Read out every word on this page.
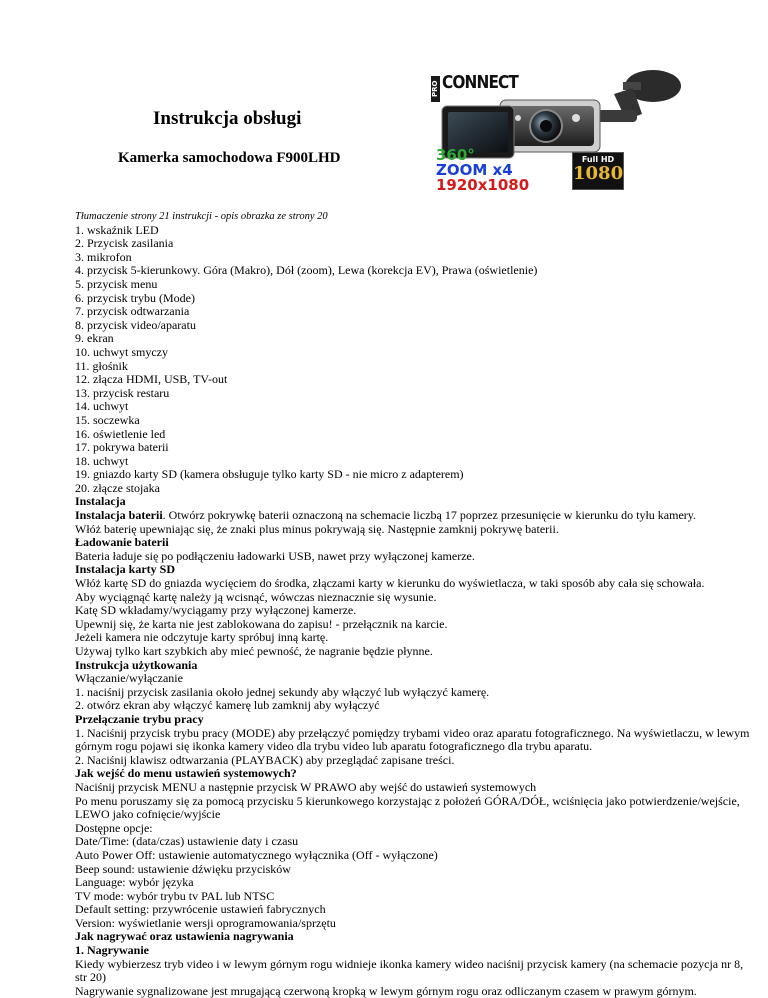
Instrukcja obsługi
Kamerka samochodowa F900LHD
PRO CONNECT
360°
ZOOM x4
1920x1080
Full HD
1080
Tłumaczenie strony 21 instrukcji - opis obrazka ze strony 20
1. wskaźnik LED
2. Przycisk zasilania
3. mikrofon
4. przycisk 5-kierunkowy. Góra (Makro), Dół (zoom), Lewa (korekcja EV), Prawa (oświetlenie)
5. przycisk menu
6. przycisk trybu (Mode)
7. przycisk odtwarzania
8. przycisk video/aparatu
9. ekran
10. uchwyt smyczy
11. głośnik
12. złącza HDMI, USB, TV-out
13. przycisk restaru
14. uchwyt
15. soczewka
16. oświetlenie led
17. pokrywa baterii
18. uchwyt
19. gniazdo karty SD (kamera obsługuje tylko karty SD - nie micro z adapterem)
20. złącze stojaka
Instalacja
Instalacja baterii. Otwórz pokrywkę baterii oznaczoną na schemacie liczbą 17 poprzez przesunięcie w kierunku do tyłu kamery.
Włóż baterię upewniając się, że znaki plus minus pokrywają się. Następnie zamknij pokrywę baterii.
Ładowanie baterii
Bateria ładuje się po podłączeniu ładowarki USB, nawet przy wyłączonej kamerze.
Instalacja karty SD
Włóż kartę SD do gniazda wycięciem do środka, złączami karty w kierunku do wyświetlacza, w taki sposób aby cała się schowała.
Aby wyciągnąć kartę należy ją wcisnąć, wówczas nieznacznie się wysunie.
Katę SD wkładamy/wyciągamy przy wyłączonej kamerze.
Upewnij się, że karta nie jest zablokowana do zapisu! - przełącznik na karcie.
Jeżeli kamera nie odczytuje karty spróbuj inną kartę.
Używaj tylko kart szybkich aby mieć pewność, że nagranie będzie płynne.
Instrukcja użytkowania
Włączanie/wyłączanie
1. naciśnij przycisk zasilania około jednej sekundy aby włączyć lub wyłączyć kamerę.
2. otwórz ekran aby włączyć kamerę lub zamknij aby wyłączyć
Przełączanie trybu pracy
1. Naciśnij przycisk trybu pracy (MODE) aby przełączyć pomiędzy trybami video oraz aparatu fotograficznego. Na wyświetlaczu, w lewym górnym rogu pojawi się ikonka kamery video dla trybu video lub aparatu fotograficznego dla trybu aparatu.
2. Naciśnij klawisz odtwarzania (PLAYBACK) aby przeglądać zapisane treści.
Jak wejść do menu ustawień systemowych?
Naciśnij przycisk MENU a następnie przycisk W PRAWO aby wejść do ustawień systemowych
Po menu poruszamy się za pomocą przycisku 5 kierunkowego korzystając z położeń GÓRA/DÓŁ, wciśnięcia jako potwierdzenie/wejście, LEWO jako cofnięcie/wyjście
Dostępne opcje:
Date/Time: (data/czas) ustawienie daty i czasu
Auto Power Off: ustawienie automatycznego wyłącznika (Off - wyłączone)
Beep sound: ustawienie dźwięku przycisków
Language: wybór języka
TV mode: wybór trybu tv PAL lub NTSC
Default setting: przywrócenie ustawień fabrycznych
Version: wyświetlanie wersji oprogramowania/sprzętu
Jak nagrywać oraz ustawienia nagrywania
1. Nagrywanie
Kiedy wybierzesz tryb video i w lewym górnym rogu widnieje ikonka kamery wideo naciśnij przycisk kamery (na schemacie pozycja nr 8, str 20)
Nagrywanie sygnalizowane jest mrugającą czerwoną kropką w lewym górnym rogu oraz odliczanym czasem w prawym górnym.
